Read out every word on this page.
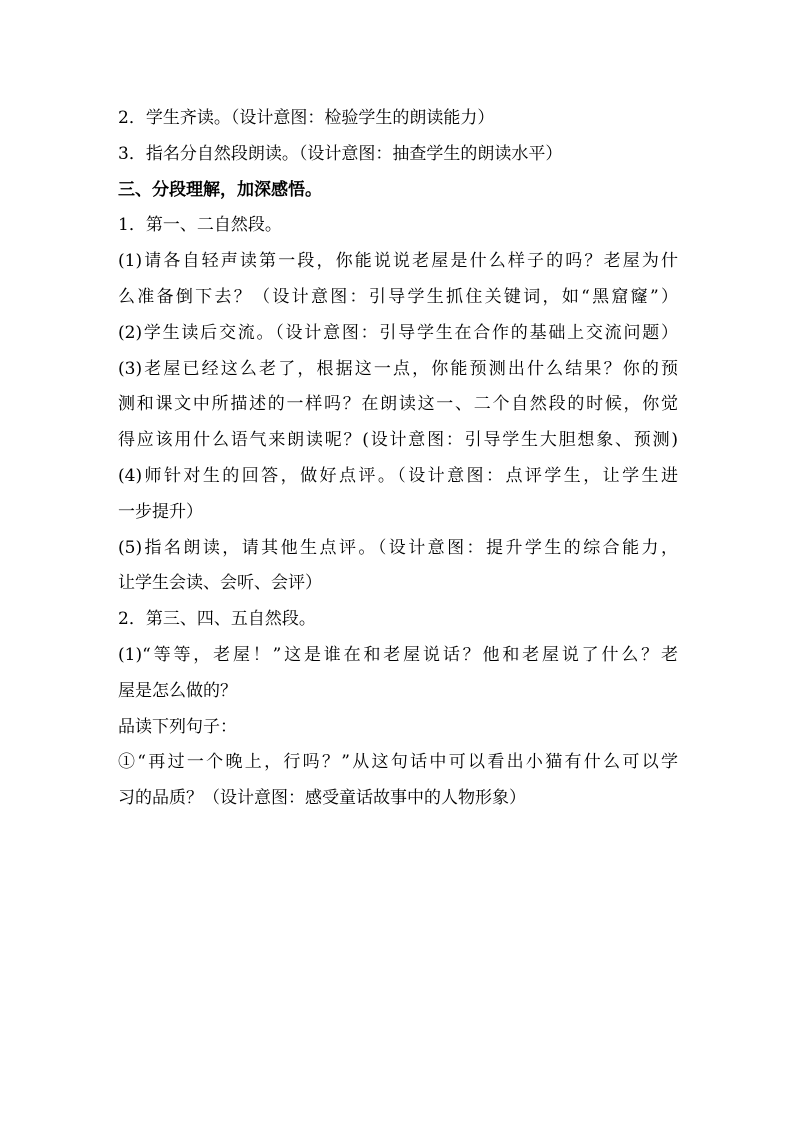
2．学生齐读。（设计意图：检验学生的朗读能力）
3．指名分自然段朗读。（设计意图：抽查学生的朗读水平）
三、分段理解，加深感悟。
1．第一、二自然段。
(1)请各自轻声读第一段，你能说说老屋是什么样子的吗？老屋为什
么准备倒下去？（设计意图：引导学生抓住关键词，如“黑窟窿”）
(2)学生读后交流。（设计意图：引导学生在合作的基础上交流问题）
(3)老屋已经这么老了，根据这一点，你能预测出什么结果？你的预
测和课文中所描述的一样吗？在朗读这一、二个自然段的时候，你觉
得应该用什么语气来朗读呢？(设计意图：引导学生大胆想象、预测)
(4)师针对生的回答，做好点评。（设计意图：点评学生，让学生进
一步提升）
(5)指名朗读，请其他生点评。（设计意图：提升学生的综合能力，
让学生会读、会听、会评）
2．第三、四、五自然段。
(1)“等等，老屋！”这是谁在和老屋说话？他和老屋说了什么？老
屋是怎么做的？
品读下列句子：
①“再过一个晚上，行吗？”从这句话中可以看出小猫有什么可以学
习的品质？（设计意图：感受童话故事中的人物形象）
